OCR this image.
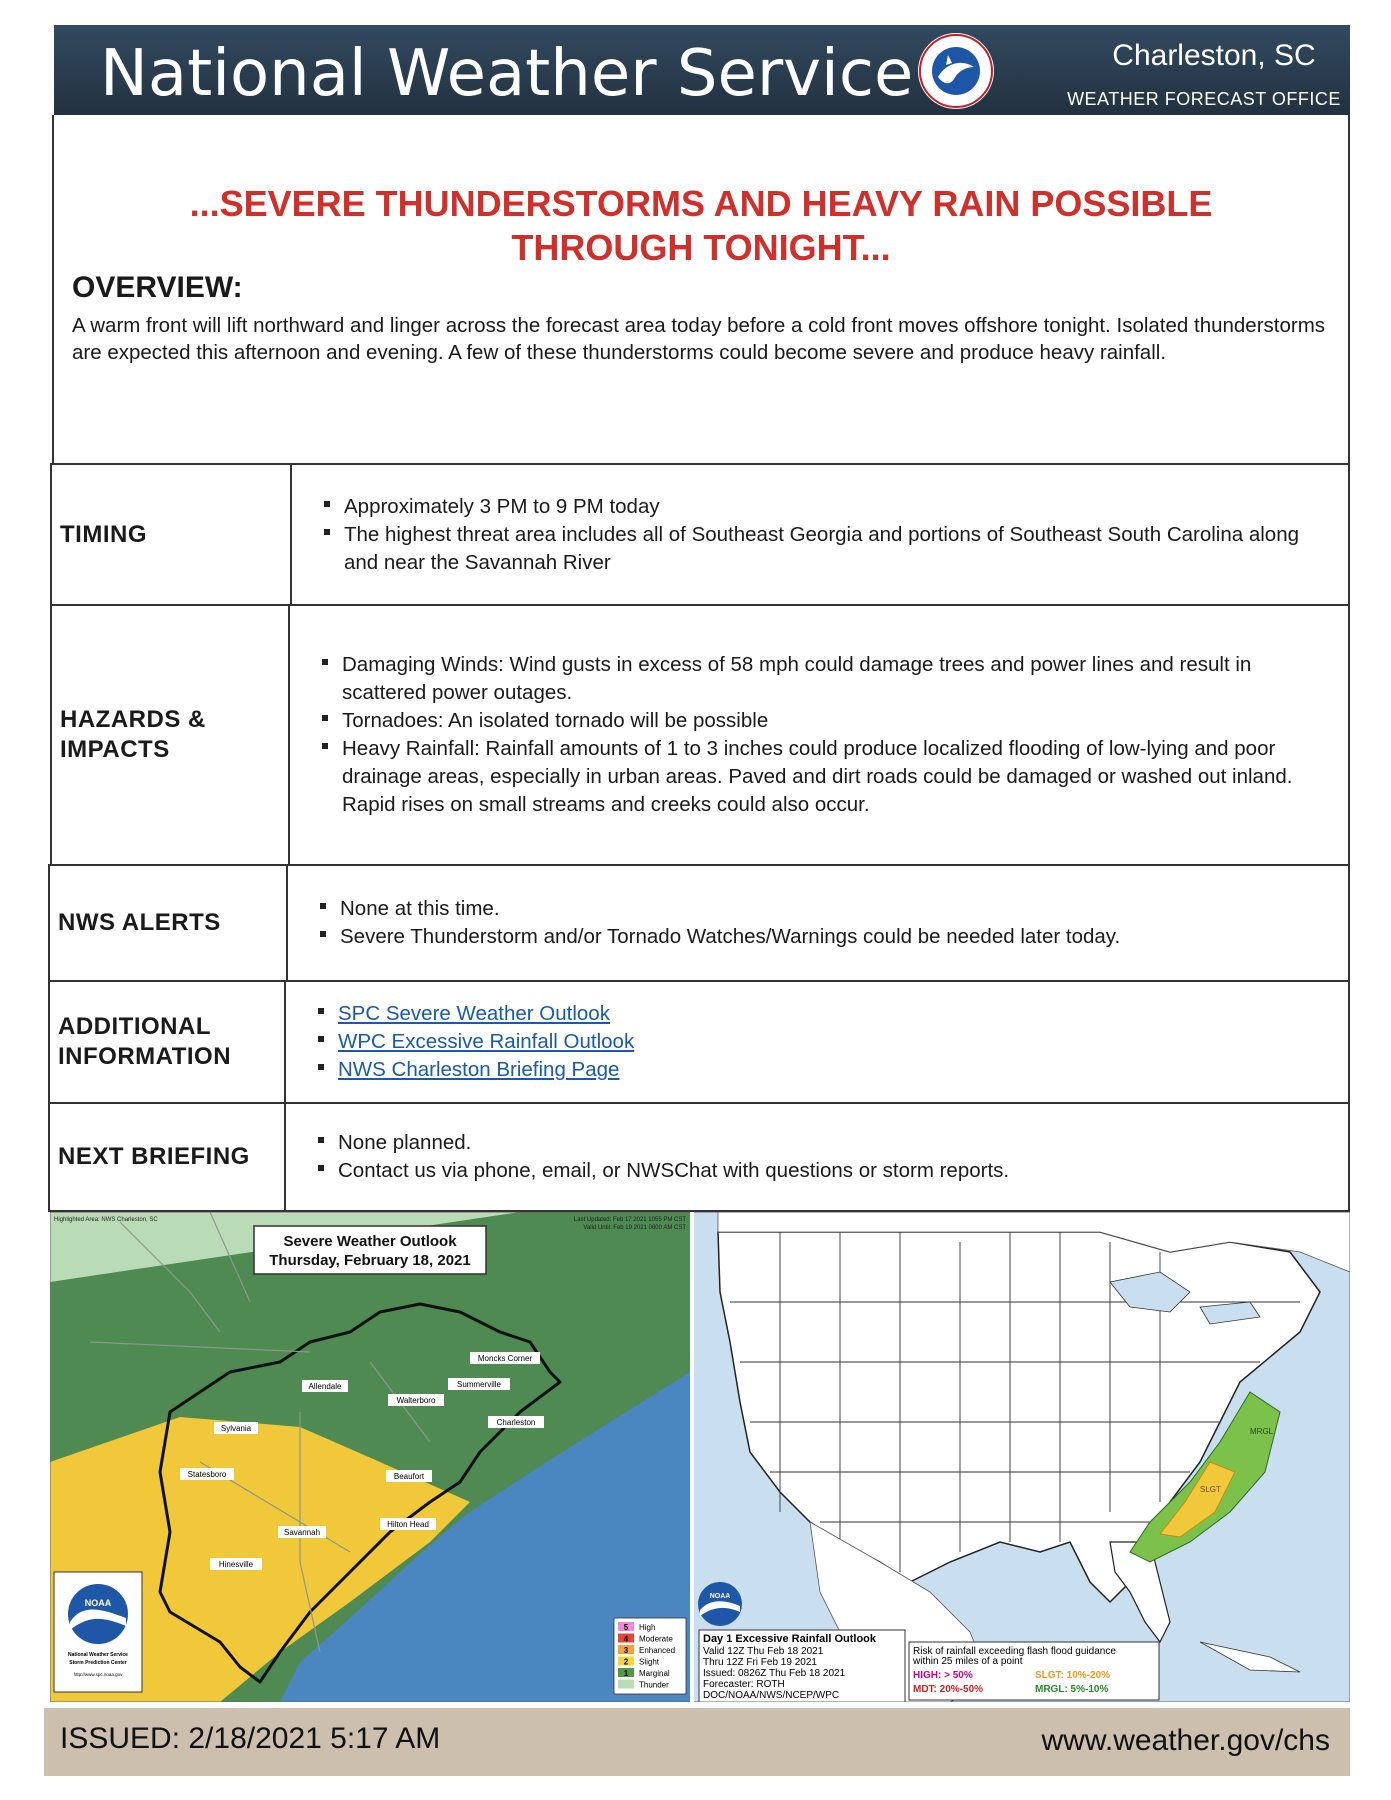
National Weather Service	Charleston, SC
WEATHER FORECAST OFFICE
...SEVERE THUNDERSTORMS AND HEAVY RAIN POSSIBLE
THROUGH TONIGHT...
OVERVIEW:
A warm front will lift northward and linger across the forecast area today before a cold front moves offshore tonight. Isolated thunderstorms are expected this afternoon and evening. A few of these thunderstorms could become severe and produce heavy rainfall.
TIMING
Approximately 3 PM to 9 PM today
The highest threat area includes all of Southeast Georgia and portions of Southeast South Carolina along and near the Savannah River
HAZARDS &
IMPACTS
Damaging Winds: Wind gusts in excess of 58 mph could damage trees and power lines and result in scattered power outages.
Tornadoes: An isolated tornado will be possible
Heavy Rainfall: Rainfall amounts of 1 to 3 inches could produce localized flooding of low-lying and poor drainage areas, especially in urban areas. Paved and dirt roads could be damaged or washed out inland. Rapid rises on small streams and creeks could also occur.
NWS ALERTS
None at this time.
Severe Thunderstorm and/or Tornado Watches/Warnings could be needed later today.
ADDITIONAL
INFORMATION
SPC Severe Weather Outlook
WPC Excessive Rainfall Outlook
NWS Charleston Briefing Page
NEXT BRIEFING
None planned.
Contact us via phone, email, or NWSChat with questions or storm reports.
Highlighted Area: NWS Charleston, SC	Last Updated: Feb 17 2021 1055 PM CST
Valid Until: Feb 19 2021 0600 AM CST
Severe Weather Outlook
Thursday, February 18, 2021
Moncks Corner
Allendale	Summerville
Walterboro
Charleston
Sylvania
Statesboro	Beaufort
Savannah
Hilton Head
Hinesville
NOAA
National Weather Service
Storm Prediction Center
http://www.spc.noaa.gov
5 High
4 Moderate
3 Enhanced
2 Slight
1 Marginal
Thunder
MRGL
SLGT
NOAA
Day 1 Excessive Rainfall Outlook
Valid 12Z Thu Feb 18 2021
Thru 12Z Fri Feb 19 2021
Issued: 0826Z Thu Feb 18 2021
Forecaster: ROTH
DOC/NOAA/NWS/NCEP/WPC
Risk of rainfall exceeding flash flood guidance
within 25 miles of a point
HIGH: > 50%	SLGT: 10%-20%
MDT: 20%-50%	MRGL: 5%-10%
ISSUED: 2/18/2021 5:17 AM	www.weather.gov/chs
